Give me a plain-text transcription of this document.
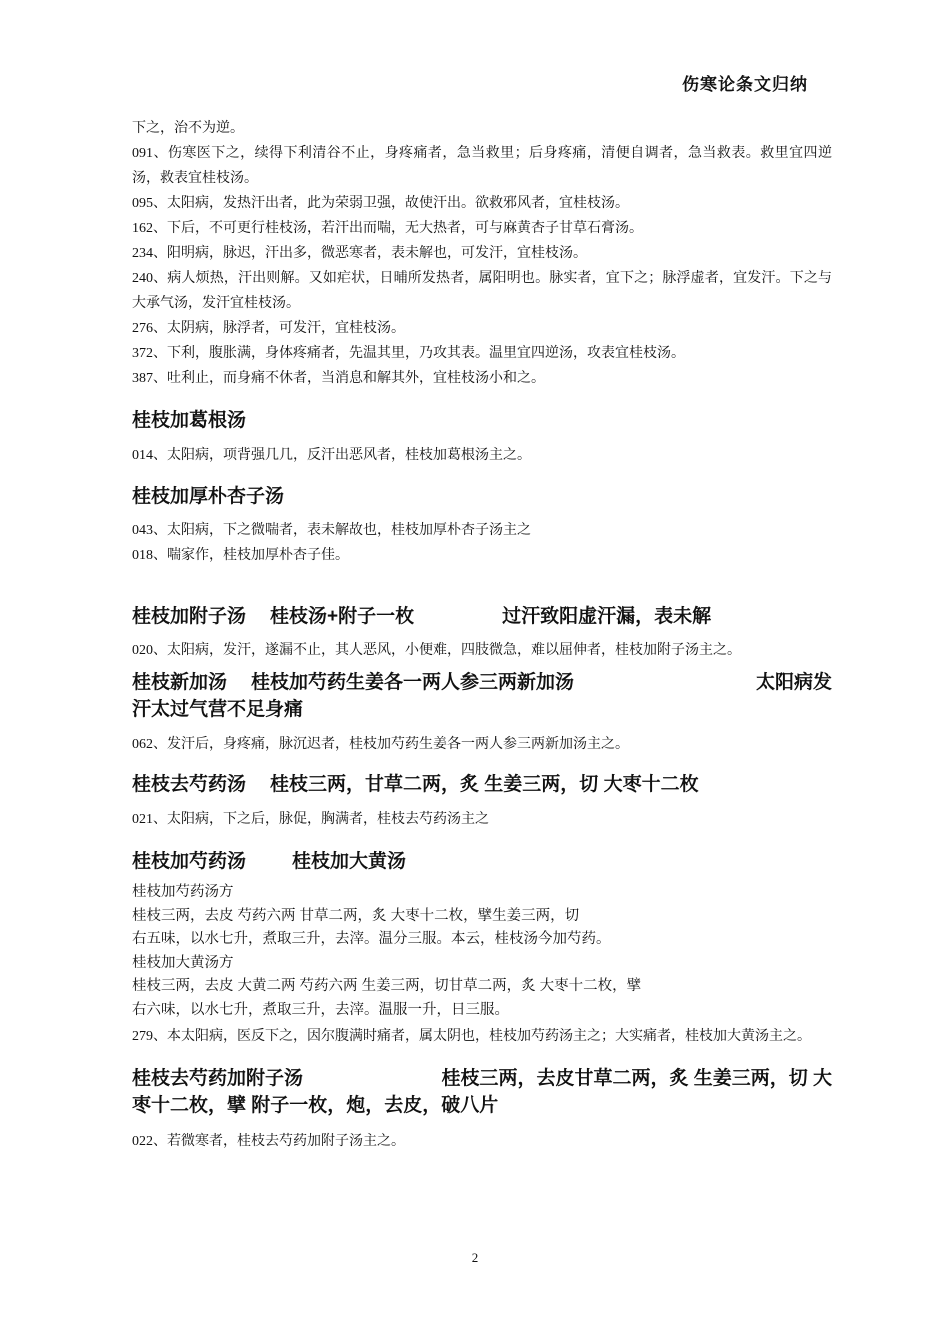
伤寒论条文归纳

下之，治不为逆。

091、伤寒医下之，续得下利清谷不止，身疼痛者，急当救里；后身疼痛，清便自调者，急当救表。救里宜四逆汤，救表宜桂枝汤。

095、太阳病，发热汗出者，此为荣弱卫强，故使汗出。欲救邪风者，宜桂枝汤。

162、下后，不可更行桂枝汤，若汗出而喘，无大热者，可与麻黄杏子甘草石膏汤。

234、阳明病，脉迟，汗出多，微恶寒者，表未解也，可发汗，宜桂枝汤。

240、病人烦热，汗出则解。又如疟状，日晡所发热者，属阳明也。脉实者，宜下之；脉浮虚者，宜发汗。下之与大承气汤，发汗宜桂枝汤。

276、太阴病，脉浮者，可发汗，宜桂枝汤。

372、下利，腹胀满，身体疼痛者，先温其里，乃攻其表。温里宜四逆汤，攻表宜桂枝汤。

387、吐利止，而身痛不休者，当消息和解其外，宜桂枝汤小和之。

桂枝加葛根汤

014、太阳病，项背强几几，反汗出恶风者，桂枝加葛根汤主之。

桂枝加厚朴杏子汤

043、太阳病，下之微喘者，表未解故也，桂枝加厚朴杏子汤主之

018、喘家作，桂枝加厚朴杏子佳。

桂枝加附子汤 桂枝汤+附子一枚	过汗致阳虚汗漏，表未解

020、太阳病，发汗，遂漏不止，其人恶风，小便难，四肢微急，难以屈伸者，桂枝加附子汤主之。

桂枝新加汤 桂枝加芍药生姜各一两人参三两新加汤	太阳病发

汗太过气营不足身痛

062、发汗后，身疼痛，脉沉迟者，桂枝加芍药生姜各一两人参三两新加汤主之。

桂枝去芍药汤 桂枝三两，甘草二两，炙 生姜三两，切 大枣十二枚

021、太阳病，下之后，脉促，胸满者，桂枝去芍药汤主之

桂枝加芍药汤 桂枝加大黄汤

桂枝加芍药汤方

桂枝三两，去皮 芍药六两 甘草二两，炙 大枣十二枚，擘生姜三两，切

右五味，以水七升，煮取三升，去滓。温分三服。本云，桂枝汤今加芍药。

桂枝加大黄汤方

桂枝三两，去皮 大黄二两 芍药六两 生姜三两，切甘草二两，炙 大枣十二枚，擘

右六味，以水七升，煮取三升，去滓。温服一升，日三服。

279、本太阳病，医反下之，因尔腹满时痛者，属太阴也，桂枝加芍药汤主之；大实痛者，桂枝加大黄汤主之。

桂枝去芍药加附子汤	桂枝三两，去皮甘草二两，炙 生姜三两，切 大

枣十二枚，擘 附子一枚，炮，去皮，破八片

022、若微寒者，桂枝去芍药加附子汤主之。

2
